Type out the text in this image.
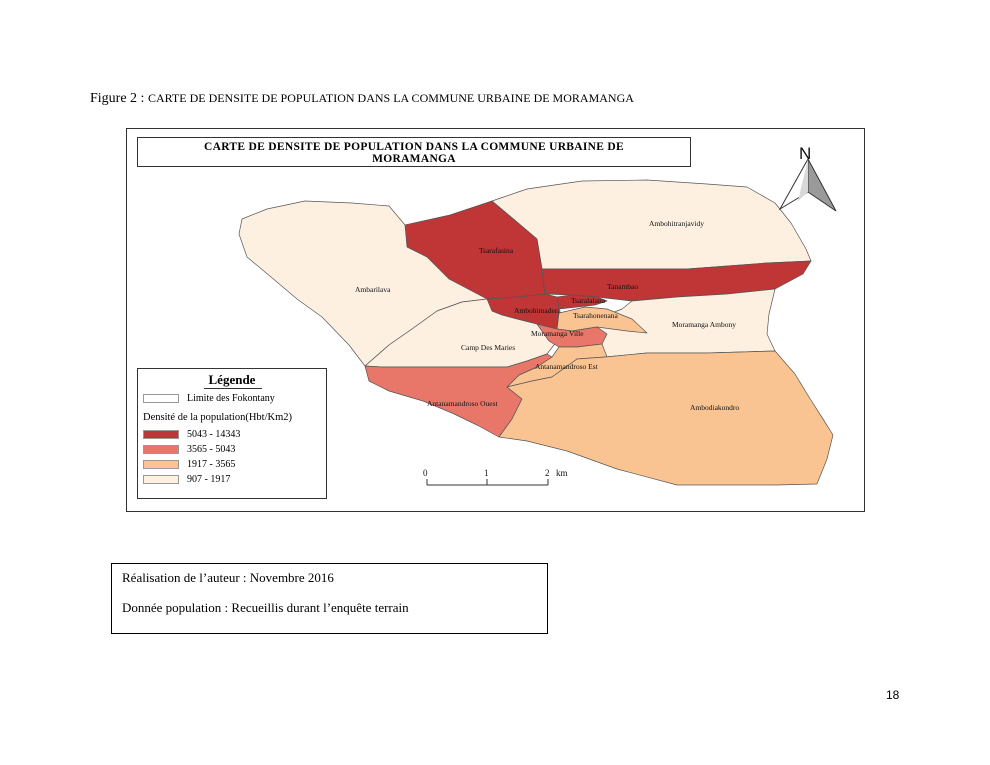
Figure 2 : CARTE DE DENSITE DE POPULATION DANS LA COMMUNE URBAINE DE MORAMANGA
Ambohitranjavidy
Tsarafasina
Ambarilava	Tanambao
Tsaralalana
Ambohimadera
Tsarahonenana
Moramanga Ambony
Moramanga Ville
Camp Des Maries
Antanamandroso Est
Antanamandroso Ouest	Ambodiakondro
N
0	1	2 km
CARTE DE DENSITE DE POPULATION DANS LA COMMUNE URBAINE DE
MORAMANGA
Légende
Limite des Fokontany
Densité de la population(Hbt/Km2)
5043 - 14343
3565 - 5043
1917 - 3565
907 - 1917
Réalisation de l’auteur : Novembre 2016
Donnée population : Recueillis durant l’enquête terrain
18
